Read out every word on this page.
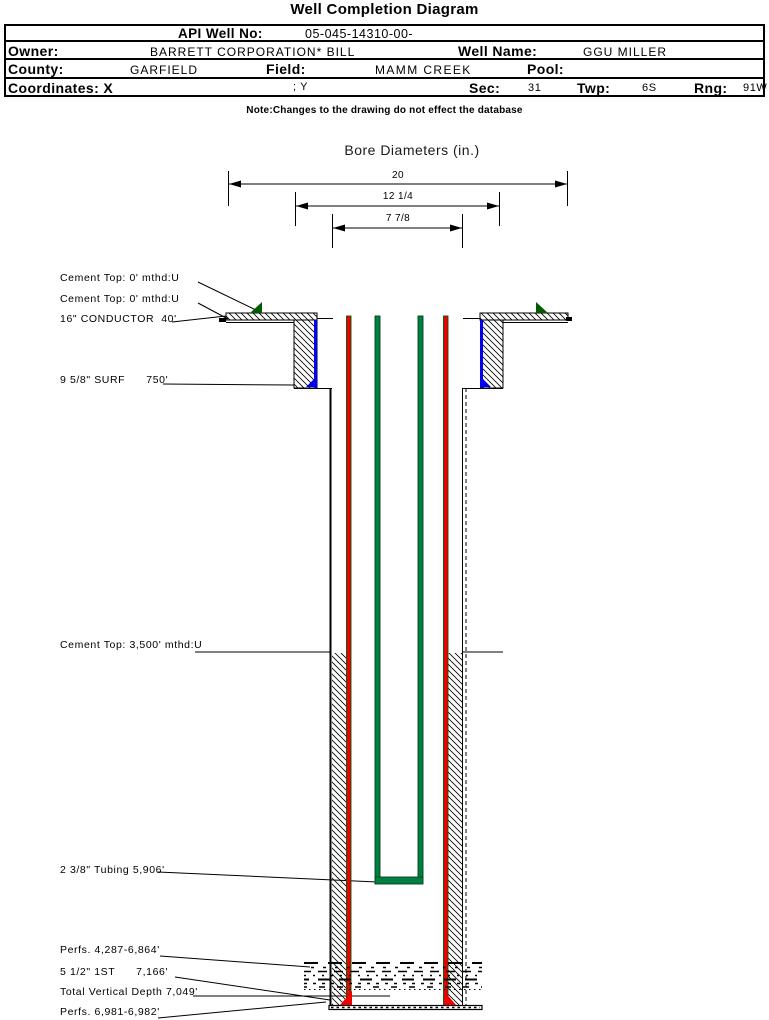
Well Completion Diagram
API Well No:	05-045-14310-00-
Owner:	BARRETT CORPORATION* BILL	Well Name:	GGU MILLER
County:	GARFIELD	Field:	MAMM CREEK	Pool:
Coordinates: X	; Y	Sec:	31	Twp:	6S	Rng: 91W
Note:Changes to the drawing do not effect the database
Bore Diameters (in.)
20
12 1/4
7 7/8
Cement Top: 0' mthd:U
Cement Top: 0' mthd:U
16" CONDUCTOR  40'
9 5/8" SURF      750'
Cement Top: 3,500' mthd:U
2 3/8" Tubing 5,906'
Perfs. 4,287-6,864'
5 1/2" 1ST      7,166'
Total Vertical Depth 7,049'
Perfs. 6,981-6,982'
